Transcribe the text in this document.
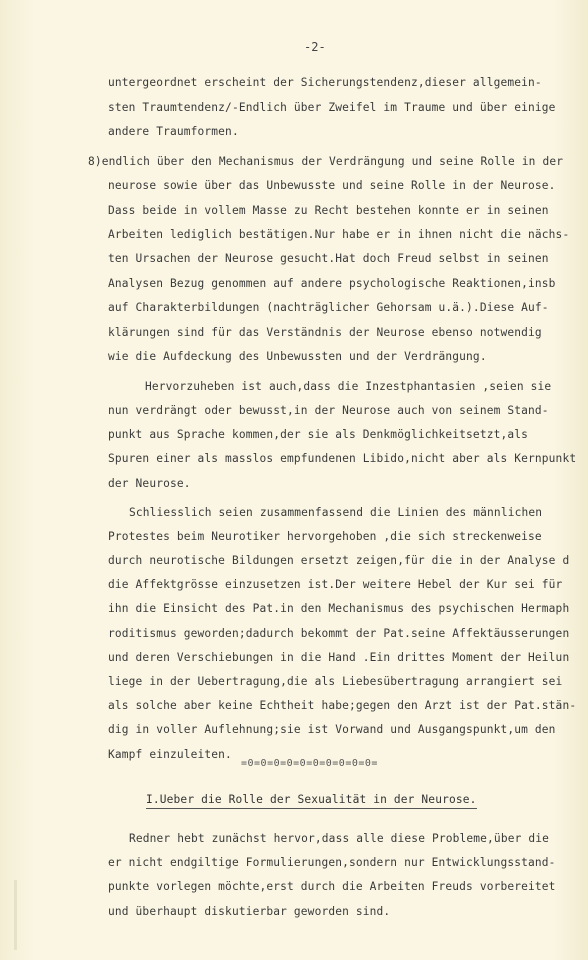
-2-
untergeordnet erscheint der Sicherungstendenz,dieser allgemein-
sten Traumtendenz/-Endlich über Zweifel im Traume und über einige
andere Traumformen.
8)endlich über den Mechanismus der Verdrängung und seine Rolle in der
neurose sowie über das Unbewusste und seine Rolle in der Neurose.
Dass beide in vollem Masse zu Recht bestehen konnte er in seinen
Arbeiten lediglich bestätigen.Nur habe er in ihnen nicht die nächs-
ten Ursachen der Neurose gesucht.Hat doch Freud selbst in seinen
Analysen Bezug genommen auf andere psychologische Reaktionen,insb
auf Charakterbildungen (nachträglicher Gehorsam u.ä.).Diese Auf-
klärungen sind für das Verständnis der Neurose ebenso notwendig
wie die Aufdeckung des Unbewussten und der Verdrängung.
Hervorzuheben ist auch,dass die Inzestphantasien ,seien sie
nun verdrängt oder bewusst,in der Neurose auch von seinem Stand-
punkt aus Sprache kommen,der sie als Denkmöglichkeitsetzt,als
Spuren einer als masslos empfundenen Libido,nicht aber als Kernpunkt
der Neurose.
Schliesslich seien zusammenfassend die Linien des männlichen
Protestes beim Neurotiker hervorgehoben ,die sich streckenweise
durch neurotische Bildungen ersetzt zeigen,für die in der Analyse d
die Affektgrösse einzusetzen ist.Der weitere Hebel der Kur sei für
ihn die Einsicht des Pat.in den Mechanismus des psychischen Hermaph
roditismus geworden;dadurch bekommt der Pat.seine Affektäusserungen
und deren Verschiebungen in die Hand .Ein drittes Moment der Heilun
liege in der Uebertragung,die als Liebesübertragung arrangiert sei
als solche aber keine Echtheit habe;gegen den Arzt ist der Pat.stän-
dig in voller Auflehnung;sie ist Vorwand und Ausgangspunkt,um den
Kampf einzuleiten.
Redner hebt zunächst hervor,dass alle diese Probleme,über die
er nicht endgiltige Formulierungen,sondern nur Entwicklungsstand-
punkte vorlegen möchte,erst durch die Arbeiten Freuds vorbereitet
und überhaupt diskutierbar geworden sind.
=0=0=0=0=0=0=0=0=0=0=
I.Ueber die Rolle der Sexualität in der Neurose.
